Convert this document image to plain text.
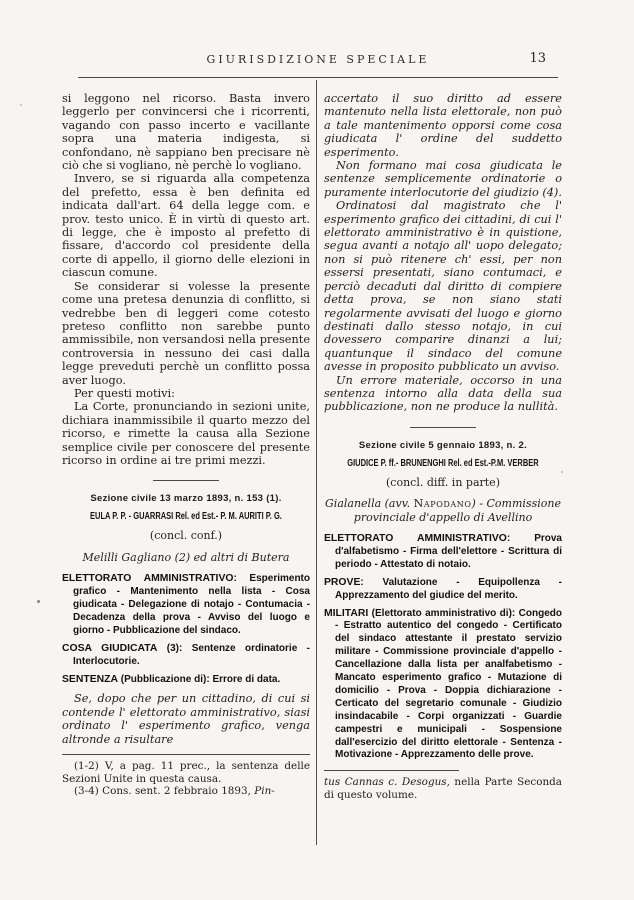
GIURISDIZIONE SPECIALE	13

si leggono nel ricorso. Basta invero leggerlo per convincersi che i ricorrenti, vagando con passo incerto e vacillante sopra una materia indigesta, si confondano, nè sappiano ben precisare nè ciò che si vogliano, nè perchè lo vogliano.

Invero, se si riguarda alla competenza del prefetto, essa è ben definita ed indicata dall'art. 64 della legge com. e prov. testo unico. È in virtù di questo art. di legge, che è imposto al prefetto di fissare, d'accordo col presidente della corte di appello, il giorno delle elezioni in ciascun comune.

Se considerar si volesse la presente come una pretesa denunzia di conflitto, si vedrebbe ben di leggeri come cotesto preteso conflitto non sarebbe punto ammissibile, non versandosi nella presente controversia in nessuno dei casi dalla legge preveduti perchè un conflitto possa aver luogo.

Per questi motivi:

La Corte, pronunciando in sezioni unite, dichiara inammissibile il quarto mezzo del ricorso, e rimette la causa alla Sezione semplice civile per conoscere del presente ricorso in ordine ai tre primi mezzi.

Sezione civile 13 marzo 1893, n. 153 (1).
EULA P. P. - GUARRASI Rel. ed Est.- P. M. AURITI P. G.

(concl. conf.)

Melilli Gagliano (2) ed altri di Butera

ELETTORATO AMMINISTRATIVO: Esperimento grafico - Mantenimento nella lista - Cosa giudicata - Delegazione di notajo - Contumacia - Decadenza della prova - Avviso del luogo e giorno - Pubblicazione del sindaco.

COSA GIUDICATA (3): Sentenze ordinatorie - Interlocutorie.

SENTENZA (Pubblicazione di): Errore di data.

Se, dopo che per un cittadino, di cui si contende l' elettorato amministrativo, siasi ordinato l' esperimento grafico, venga altronde a risultare

(1-2) V, a pag. 11 prec., la sentenza delle Sezioni Unite in questa causa.

(3-4) Cons. sent. 2 febbraio 1893, Pin-

accertato il suo diritto ad essere mantenuto nella lista elettorale, non può a tale mantenimento opporsi come cosa giudicata l' ordine del suddetto esperimento.

Non formano mai cosa giudicata le sentenze semplicemente ordinatorie o puramente interlocutorie del giudizio (4).

Ordinatosi dal magistrato che l' esperimento grafico dei cittadini, di cui l' elettorato amministrativo è in quistione, segua avanti a notajo all' uopo delegato; non si può ritenere ch' essi, per non essersi presentati, siano contumaci, e perciò decaduti dal diritto di compiere detta prova, se non siano stati regolarmente avvisati del luogo e giorno destinati dallo stesso notajo, in cui dovessero comparire dinanzi a lui; quantunque il sindaco del comune avesse in proposito pubblicato un avviso.

Un errore materiale, occorso in una sentenza intorno alla data della sua pubblicazione, non ne produce la nullità.

Sezione civile 5 gennaio 1893, n. 2.
GIUDICE P. ff.- BRUNENGHI Rel. ed Est.-P.M. VERBER

(concl. diff. in parte)

Gialanella (avv. Napodano) - Commissione provinciale d'appello di Avellino

ELETTORATO AMMINISTRATIVO: Prova d'alfabetismo - Firma dell'elettore - Scrittura di periodo - Attestato di notaio.

PROVE: Valutazione - Equipollenza - Apprezzamento del giudice del merito.

MILITARI (Elettorato amministrativo di): Congedo - Estratto autentico del congedo - Certificato del sindaco attestante il prestato servizio militare - Commissione provinciale d'appello - Cancellazione dalla lista per analfabetismo - Mancato esperimento grafico - Mutazione di domicilio - Prova - Doppia dichiarazione - Certicato del segretario comunale - Giudizio insindacabile - Corpi organizzati - Guardie campestri e municipali - Sospensione dall'esercizio del diritto elettorale - Sentenza - Motivazione - Apprezzamento delle prove.

tus Cannas c. Desogus, nella Parte Seconda di questo volume.
